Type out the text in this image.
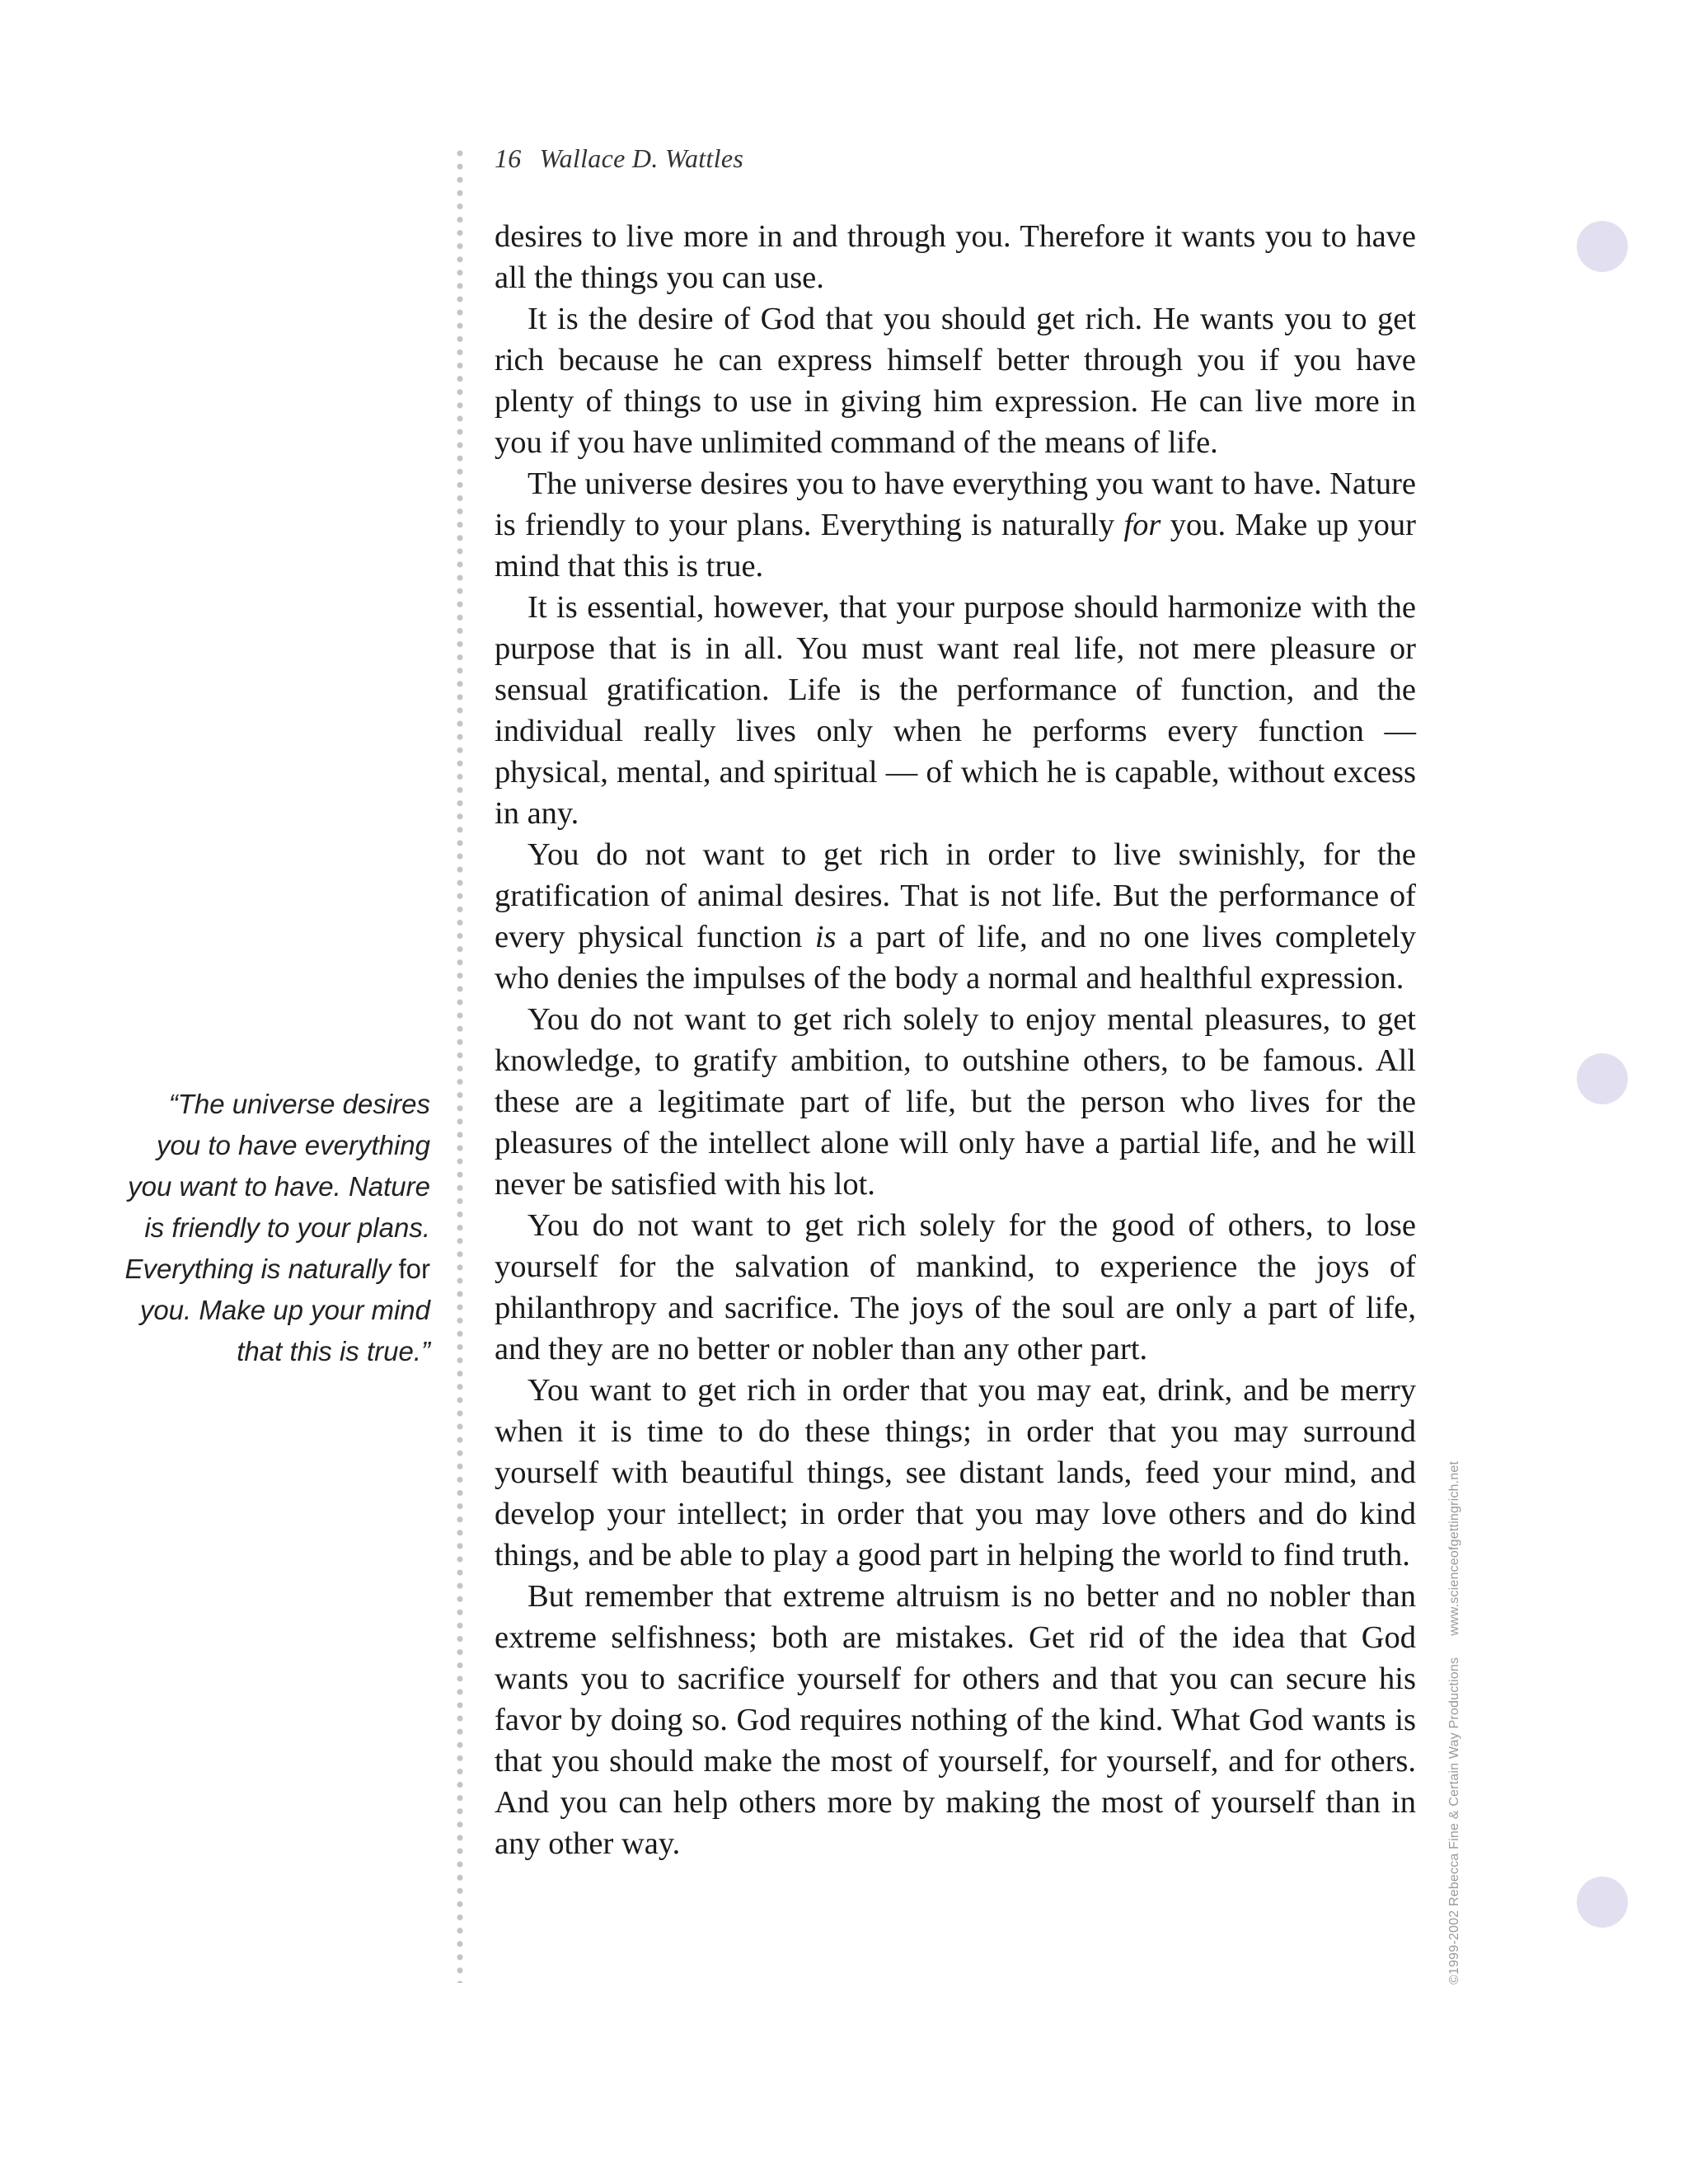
16 Wallace D. Wattles

desires to live more in and through you. Therefore it wants you to have all the things you can use.

It is the desire of God that you should get rich. He wants you to get rich because he can express himself better through you if you have plenty of things to use in giving him expression. He can live more in you if you have unlimited command of the means of life.

The universe desires you to have everything you want to have. Nature is friendly to your plans. Everything is naturally for you. Make up your mind that this is true.

It is essential, however, that your purpose should harmonize with the purpose that is in all. You must want real life, not mere pleasure or sensual gratification. Life is the performance of function, and the individual really lives only when he performs every function — physical, mental, and spiritual — of which he is capable, without excess in any.

You do not want to get rich in order to live swinishly, for the gratification of animal desires. That is not life. But the performance of every physical function is a part of life, and no one lives completely who denies the impulses of the body a normal and healthful expression.

You do not want to get rich solely to enjoy mental pleasures, to get knowledge, to gratify ambition, to outshine others, to be famous. All these are a legitimate part of life, but the person who lives for the pleasures of the intellect alone will only have a partial life, and he will never be satisfied with his lot.

You do not want to get rich solely for the good of others, to lose yourself for the salvation of mankind, to experience the joys of philanthropy and sacrifice. The joys of the soul are only a part of life, and they are no better or nobler than any other part.

You want to get rich in order that you may eat, drink, and be merry when it is time to do these things; in order that you may surround yourself with beautiful things, see distant lands, feed your mind, and develop your intellect; in order that you may love others and do kind things, and be able to play a good part in helping the world to find truth.

But remember that extreme altruism is no better and no nobler than extreme selfishness; both are mistakes. Get rid of the idea that God wants you to sacrifice yourself for others and that you can secure his favor by doing so. God requires nothing of the kind. What God wants is that you should make the most of yourself, for yourself, and for others. And you can help others more by making the most of yourself than in any other way.

“The universe desires you to have everything you want to have. Nature is friendly to your plans. Everything is naturally for you. Make up your mind that this is true.”
©1999-2002 Rebecca Fine & Certain Way Productionswww.scienceofgettingrich.net
